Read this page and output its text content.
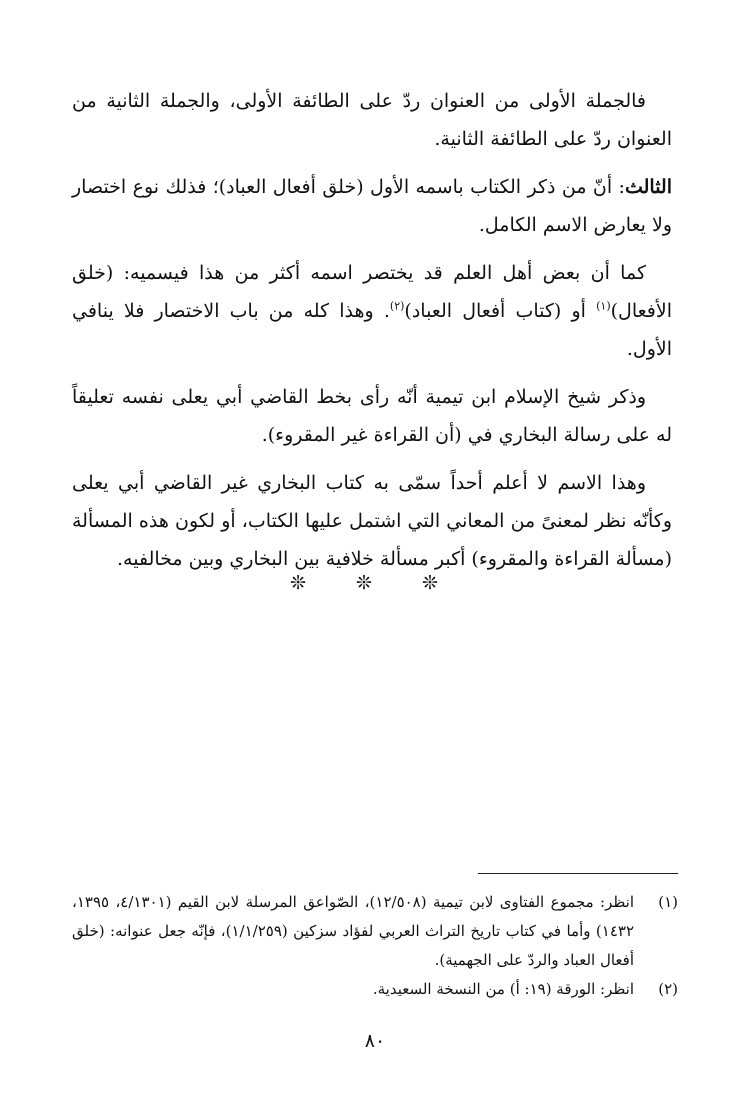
فالجملة الأولى من العنوان ردّ على الطائفة الأولى، والجملة الثانية من العنوان ردّ على الطائفة الثانية.

الثالث: أنّ من ذكر الكتاب باسمه الأول (خلق أفعال العباد)؛ فذلك نوع اختصار ولا يعارض الاسم الكامل.

كما أن بعض أهل العلم قد يختصر اسمه أكثر من هذا فيسميه: (خلق الأفعال)$^{(١)}$ أو (كتاب أفعال العباد)$^{(٢)}$. وهذا كله من باب الاختصار فلا ينافي الأول.

وذكر شيخ الإسلام ابن تيمية أنّه رأى بخط القاضي أبي يعلى نفسه تعليقاً له على رسالة البخاري في (أن القراءة غير المقروء).

وهذا الاسم لا أعلم أحداً سمّى به كتاب البخاري غير القاضي أبي يعلى وكأنّه نظر لمعنىً من المعاني التي اشتمل عليها الكتاب، أو لكون هذه المسألة (مسألة القراءة والمقروء) أكبر مسألة خلافية بين البخاري وبين مخالفيه.

❊ ❊ ❊
(١)
انظر: مجموع الفتاوى لابن تيمية (١٢/٥٠٨)، الصّواعق المرسلة لابن القيم (٤/١٣٠١، ١٣٩٥، ١٤٣٢) وأما في كتاب تاريخ التراث العربي لفؤاد سزكين (١/١/٢٥٩)، فإنّه جعل عنوانه: (خلق أفعال العباد والردّ على الجهمية).
(٢)
انظر: الورقة (١٩: أ) من النسخة السعيدية.
٨٠
